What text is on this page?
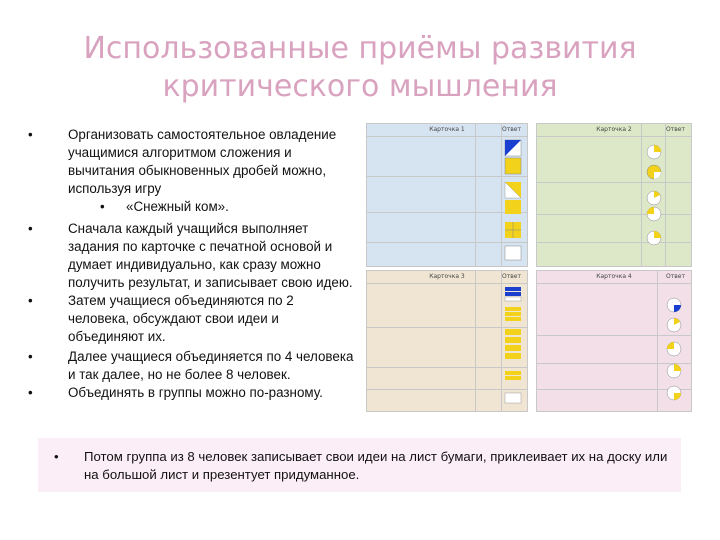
Использованные приёмы развития
критического мышления
•	Организовать самостоятельное овладение учащимися алгоритмом сложения и вычитания обыкновенных дробей можно, используя игру
• «Снежный ком».
•	Сначала каждый учащийся выполняет задания по карточке с печатной основой и думает индивидуально, как сразу можно получить результат, и записывает свою идею.
•	Затем учащиеся объединяются по 2 человека, обсуждают свои идеи и объединяют их.
•	Далее учащиеся объединяется по 4 человека и так далее, но не более 8 человек.
•	Объединять в группы можно по-разному.
Карточка 1	Ответ	Карточка 2	Ответ
Карточка 3	Ответ	Карточка 4	Ответ
• Потом группа из 8 человек записывает свои идеи на лист бумаги, приклеивает их на доску или на большой лист и презентует придуманное.
